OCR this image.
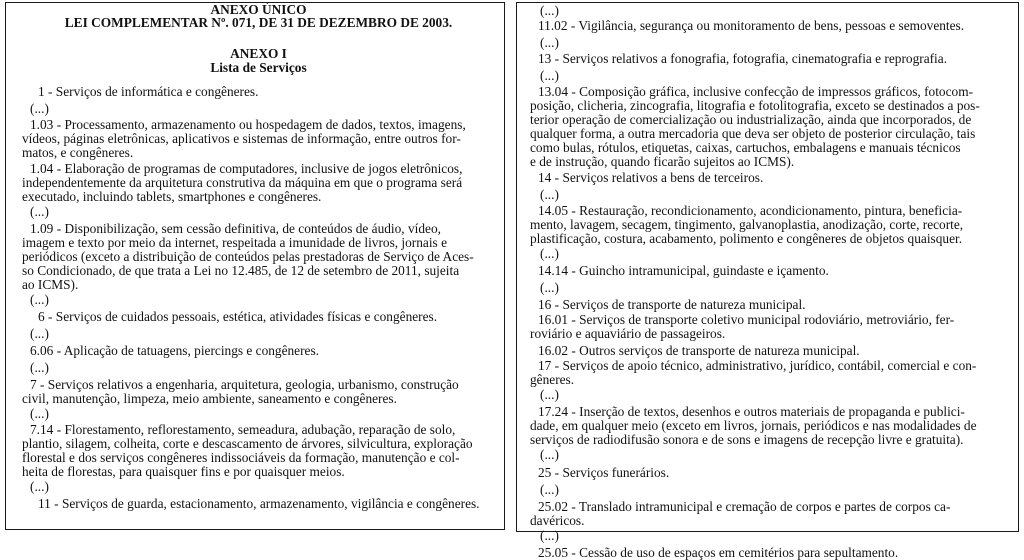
ANEXO ÚNICO

LEI COMPLEMENTAR Nº. 071, DE 31 DE DEZEMBRO DE 2003.

ANEXO I

Lista de Serviços

1 - Serviços de informática e congêneres.

(...)

1.03 - Processamento, armazenamento ou hospedagem de dados, textos, imagens,

vídeos, páginas eletrônicas, aplicativos e sistemas de informação, entre outros for-

matos, e congêneres.

1.04 - Elaboração de programas de computadores, inclusive de jogos eletrônicos,

independentemente da arquitetura construtiva da máquina em que o programa será

executado, incluindo tablets, smartphones e congêneres.

(...)

1.09 - Disponibilização, sem cessão definitiva, de conteúdos de áudio, vídeo,

imagem e texto por meio da internet, respeitada a imunidade de livros, jornais e

periódicos (exceto a distribuição de conteúdos pelas prestadoras de Serviço de Aces-

so Condicionado, de que trata a Lei no 12.485, de 12 de setembro de 2011, sujeita

ao ICMS).

(...)

6 - Serviços de cuidados pessoais, estética, atividades físicas e congêneres.

(...)

6.06 - Aplicação de tatuagens, piercings e congêneres.

(...)

7 - Serviços relativos a engenharia, arquitetura, geologia, urbanismo, construção

civil, manutenção, limpeza, meio ambiente, saneamento e congêneres.

(...)

7.14 - Florestamento, reflorestamento, semeadura, adubação, reparação de solo,

plantio, silagem, colheita, corte e descascamento de árvores, silvicultura, exploração

florestal e dos serviços congêneres indissociáveis da formação, manutenção e col-

heita de florestas, para quaisquer fins e por quaisquer meios.

(...)

11 - Serviços de guarda, estacionamento, armazenamento, vigilância e congêneres.

(...)

11.02 - Vigilância, segurança ou monitoramento de bens, pessoas e semoventes.

(...)

13 - Serviços relativos a fonografia, fotografia, cinematografia e reprografia.

(...)

13.04 - Composição gráfica, inclusive confecção de impressos gráficos, fotocom-

posição, clicheria, zincografia, litografia e fotolitografia, exceto se destinados a pos-

terior operação de comercialização ou industrialização, ainda que incorporados, de

qualquer forma, a outra mercadoria que deva ser objeto de posterior circulação, tais

como bulas, rótulos, etiquetas, caixas, cartuchos, embalagens e manuais técnicos

e de instrução, quando ficarão sujeitos ao ICMS).

14 - Serviços relativos a bens de terceiros.

(...)

14.05 - Restauração, recondicionamento, acondicionamento, pintura, beneficia-

mento, lavagem, secagem, tingimento, galvanoplastia, anodização, corte, recorte,

plastificação, costura, acabamento, polimento e congêneres de objetos quaisquer.

(...)

14.14 - Guincho intramunicipal, guindaste e içamento.

(...)

16 - Serviços de transporte de natureza municipal.

16.01 - Serviços de transporte coletivo municipal rodoviário, metroviário, fer-

roviário e aquaviário de passageiros.

16.02 - Outros serviços de transporte de natureza municipal.

17 - Serviços de apoio técnico, administrativo, jurídico, contábil, comercial e con-

gêneres.

(...)

17.24 - Inserção de textos, desenhos e outros materiais de propaganda e publici-

dade, em qualquer meio (exceto em livros, jornais, periódicos e nas modalidades de

serviços de radiodifusão sonora e de sons e imagens de recepção livre e gratuita).

(...)

25 - Serviços funerários.

(...)

25.02 - Translado intramunicipal e cremação de corpos e partes de corpos ca-

davéricos.

(...)

25.05 - Cessão de uso de espaços em cemitérios para sepultamento.
